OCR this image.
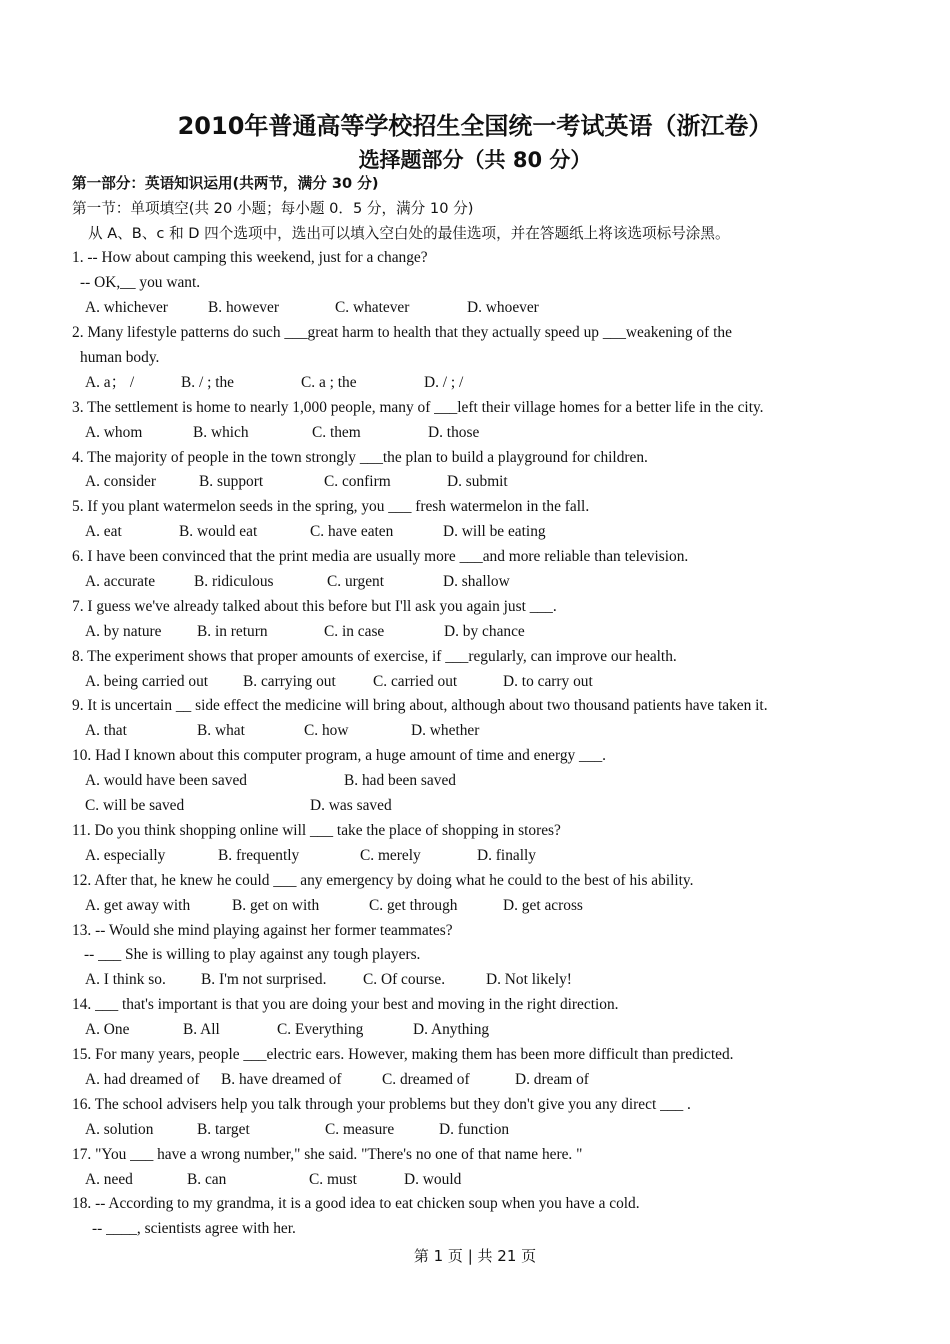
2010年普通高等学校招生全国统一考试英语（浙江卷）
选择题部分（共 80 分）
第一部分：英语知识运用(共两节，满分 30 分)
第一节：单项填空(共 20 小题；每小题 0．5 分，满分 10 分)
从 A、B、c 和 D 四个选项中，选出可以填入空白处的最佳选项，并在答题纸上将该选项标号涂黑。
1. -- How about camping this weekend, just for a change?
-- OK,__ you want.
A. whichever	B. however	C. whatever	D. whoever
2. Many lifestyle patterns do such ___great harm to health that they actually speed up ___weakening of the
human body.
A. a； /	B. / ; the	C. a ; the	D. / ; /
3. The settlement is home to nearly 1,000 people, many of ___left their village homes for a better life in the city.
A. whom	B. which	C. them	D. those
4. The majority of people in the town strongly ___the plan to build a playground for children.
A. consider	B. support	C. confirm	D. submit
5. If you plant watermelon seeds in the spring, you ___ fresh watermelon in the fall.
A. eat	B. would eat	C. have eaten	D. will be eating
6. I have been convinced that the print media are usually more ___and more reliable than television.
A. accurate	B. ridiculous	C. urgent	D. shallow
7. I guess we've already talked about this before but I'll ask you again just ___.
A. by nature B. in return	C. in case	D. by chance
8. The experiment shows that proper amounts of exercise, if ___regularly, can improve our health.
A. being carried out B. carrying out C. carried out	D. to carry out
9. It is uncertain __ side effect the medicine will bring about, although about two thousand patients have taken it.
A. that	B. what	C. how	D. whether
10. Had I known about this computer program, a huge amount of time and energy ___.
A. would have been saved	B. had been saved
C. will be saved	D. was saved
11. Do you think shopping online will ___ take the place of shopping in stores?
A. especially	B. frequently	C. merely	D. finally
12. After that, he knew he could ___ any emergency by doing what he could to the best of his ability.
A. get away with	B. get on with	C. get through	D. get across
13. -- Would she mind playing against her former teammates?
-- ___ She is willing to play against any tough players.
A. I think so. B. I'm not surprised. C. Of course.	D. Not likely!
14. ___ that's important is that you are doing your best and moving in the right direction.
A. One	B. All	C. Everything	D. Anything
15. For many years, people ___electric ears. However, making them has been more difficult than predicted.
A. had dreamed of B. have dreamed of	C. dreamed of	D. dream of
16. The school advisers help you talk through your problems but they don't give you any direct ___ .
A. solution	B. target	C. measure	D. function
17. "You ___ have a wrong number," she said. "There's no one of that name here. "
A. need	B. can	C. must	D. would
18. -- According to my grandma, it is a good idea to eat chicken soup when you have a cold.
-- ____, scientists agree with her.
第 1 页 | 共 21 页
